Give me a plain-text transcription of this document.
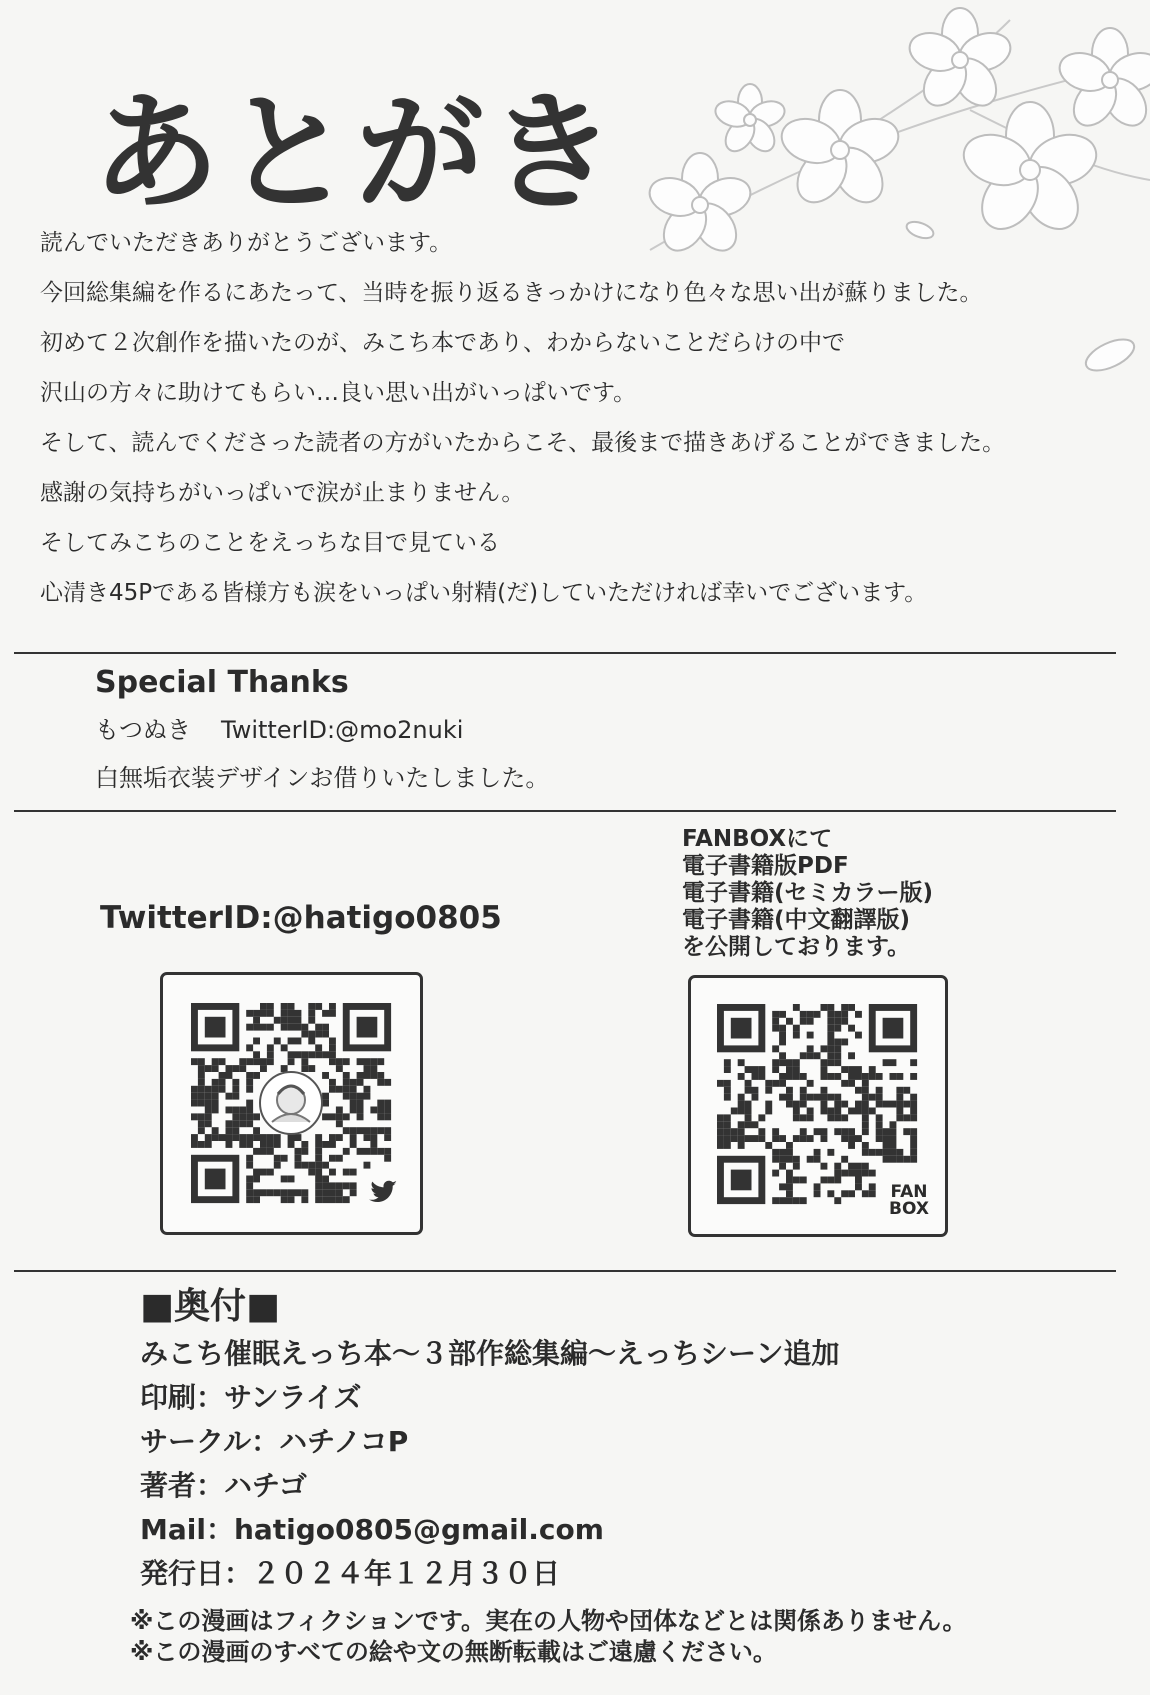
あとがき
読んでいただきありがとうございます。
今回総集編を作るにあたって、当時を振り返るきっかけになり色々な思い出が蘇りました。
初めて２次創作を描いたのが、みこち本であり、わからないことだらけの中で
沢山の方々に助けてもらい…良い思い出がいっぱいです。
そして、読んでくださった読者の方がいたからこそ、最後まで描きあげることができました。
感謝の気持ちがいっぱいで涙が止まりません。
そしてみこちのことをえっちな目で見ている
心清き45Pである皆様方も涙をいっぱい射精(だ)していただければ幸いでございます。
Special Thanks
もつぬき TwitterID:@mo2nuki
白無垢衣装デザインお借りいたしました。
TwitterID:@hatigo0805
FANBOXにて
電子書籍版PDF
電子書籍(セミカラー版)
電子書籍(中文翻譯版)
を公開しております。
FAN
BOX
■奥付■
みこち催眠えっち本～３部作総集編～えっちシーン追加
印刷：サンライズ
サークル：ハチノコP
著者：ハチゴ
Mail：hatigo0805@gmail.com
発行日：２０２４年１２月３０日
※この漫画はフィクションです。実在の人物や団体などとは関係ありません。
※この漫画のすべての絵や文の無断転載はご遠慮ください。
